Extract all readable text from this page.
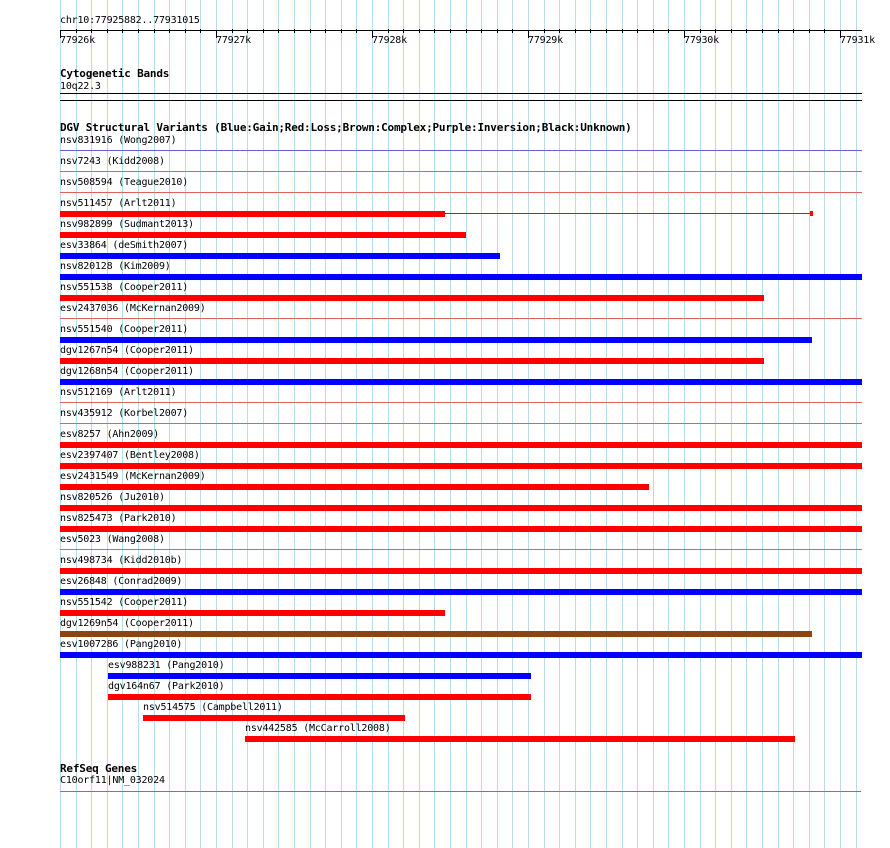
chr10:77925882..77931015
77926k	77927k	77928k	77929k	77930k	77931k
Cytogenetic Bands
10q22.3
DGV Structural Variants (Blue:Gain;Red:Loss;Brown:Complex;Purple:Inversion;Black:Unknown)
nsv831916 (Wong2007)
nsv7243 (Kidd2008)
nsv508594 (Teague2010)
nsv511457 (Arlt2011)
nsv982899 (Sudmant2013)
esv33864 (deSmith2007)
nsv820128 (Kim2009)
nsv551538 (Cooper2011)
esv2437036 (McKernan2009)
nsv551540 (Cooper2011)
dgv1267n54 (Cooper2011)
dgv1268n54 (Cooper2011)
nsv512169 (Arlt2011)
nsv435912 (Korbel2007)
esv8257 (Ahn2009)
esv2397407 (Bentley2008)
esv2431549 (McKernan2009)
nsv820526 (Ju2010)
nsv825473 (Park2010)
esv5023 (Wang2008)
nsv498734 (Kidd2010b)
esv26848 (Conrad2009)
nsv551542 (Cooper2011)
dgv1269n54 (Cooper2011)
esv1007286 (Pang2010)
esv988231 (Pang2010)
dgv164n67 (Park2010)
nsv514575 (Campbell2011)
nsv442585 (McCarroll2008)
RefSeq Genes
C10orf11|NM_032024
